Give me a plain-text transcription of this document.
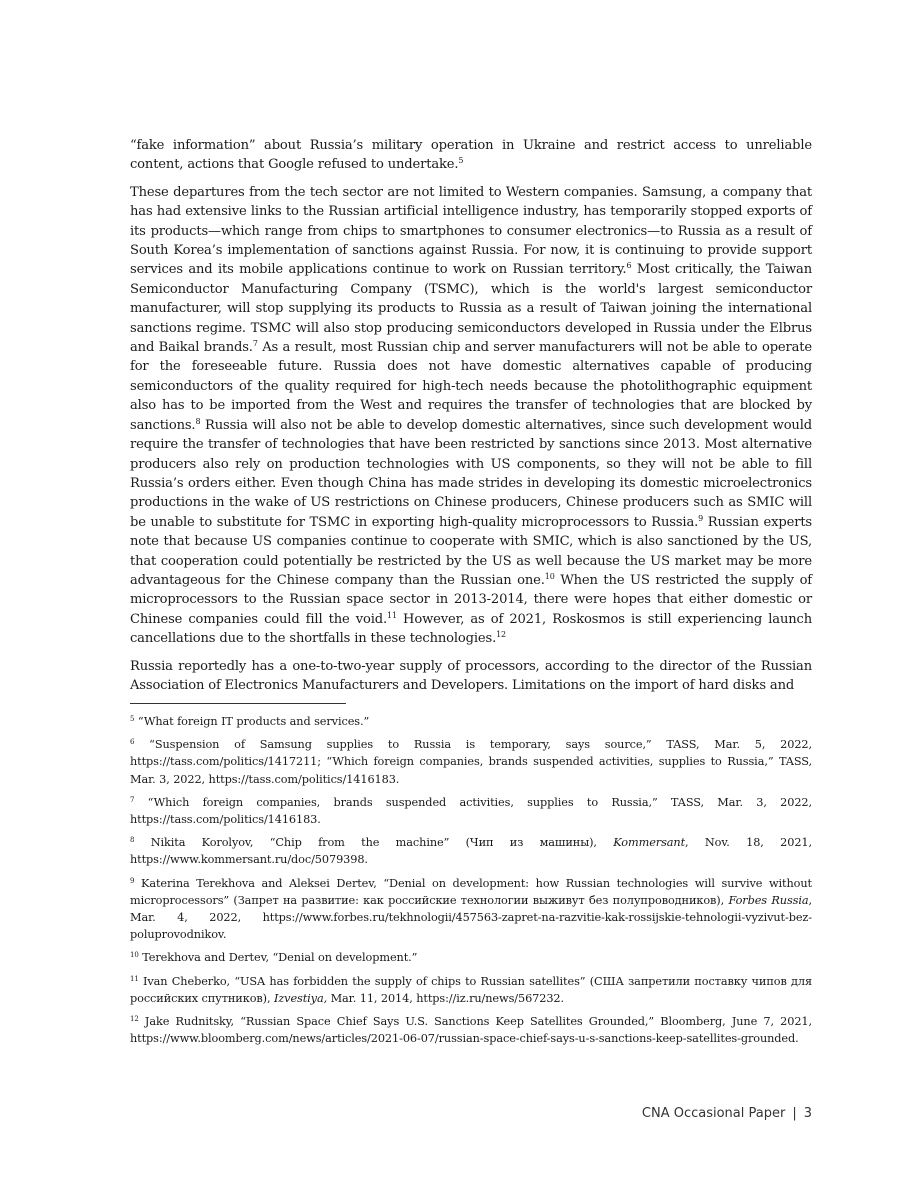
“fake information” about Russia’s military operation in Ukraine and restrict access to unreliable content, actions that Google refused to undertake.$^5$

These departures from the tech sector are not limited to Western companies. Samsung, a company that has had extensive links to the Russian artificial intelligence industry, has temporarily stopped exports of its products—which range from chips to smartphones to consumer electronics—to Russia as a result of South Korea’s implementation of sanctions against Russia. For now, it is continuing to provide support services and its mobile applications continue to work on Russian territory.$^6$ Most critically, the Taiwan Semiconductor Manufacturing Company (TSMC), which is the world's largest semiconductor manufacturer, will stop supplying its products to Russia as a result of Taiwan joining the international sanctions regime. TSMC will also stop producing semiconductors developed in Russia under the Elbrus and Baikal brands.$^7$ As a result, most Russian chip and server manufacturers will not be able to operate for the foreseeable future. Russia does not have domestic alternatives capable of producing semiconductors of the quality required for high-tech needs because the photolithographic equipment also has to be imported from the West and requires the transfer of technologies that are blocked by sanctions.$^8$ Russia will also not be able to develop domestic alternatives, since such development would require the transfer of technologies that have been restricted by sanctions since 2013. Most alternative producers also rely on production technologies with US components, so they will not be able to fill Russia’s orders either. Even though China has made strides in developing its domestic microelectronics productions in the wake of US restrictions on Chinese producers, Chinese producers such as SMIC will be unable to substitute for TSMC in exporting high-quality microprocessors to Russia.$^9$ Russian experts note that because US companies continue to cooperate with SMIC, which is also sanctioned by the US, that cooperation could potentially be restricted by the US as well because the US market may be more advantageous for the Chinese company than the Russian one.$^{10}$ When the US restricted the supply of microprocessors to the Russian space sector in 2013-2014, there were hopes that either domestic or Chinese companies could fill the void.$^{11}$ However, as of 2021, Roskosmos is still experiencing launch cancellations due to the shortfalls in these technologies.$^{12}$

Russia reportedly has a one-to-two-year supply of processors, according to the director of the Russian Association of Electronics Manufacturers and Developers. Limitations on the import of hard disks and

$^5$ “What foreign IT products and services.”
$^6$ “Suspension of Samsung supplies to Russia is temporary, says source,” TASS, Mar. 5, 2022, https://tass.com/politics/1417211; “Which foreign companies, brands suspended activities, supplies to Russia,” TASS, Mar. 3, 2022, https://tass.com/politics/1416183.
$^7$ “Which foreign companies, brands suspended activities, supplies to Russia,” TASS, Mar. 3, 2022, https://tass.com/politics/1416183.
$^8$ Nikita Korolyov, “Chip from the machine” (Чип из машины), Kommersant, Nov. 18, 2021, https://www.kommersant.ru/doc/5079398.
$^9$ Katerina Terekhova and Aleksei Dertev, “Denial on development: how Russian technologies will survive without microprocessors” (Запрет на развитие: как российские технологии выживут без полупроводников), Forbes Russia, Mar. 4, 2022, https://www.forbes.ru/tekhnologii/457563-zapret-na-razvitie-kak-rossijskie-tehnologii-vyzivut-bez-poluprovodnikov.
$^{10}$ Terekhova and Dertev, “Denial on development.”
$^{11}$ Ivan Cheberko, “USA has forbidden the supply of chips to Russian satellites” (США запретили поставку чипов для российских спутников), Izvestiya, Mar. 11, 2014, https://iz.ru/news/567232.
$^{12}$ Jake Rudnitsky, “Russian Space Chief Says U.S. Sanctions Keep Satellites Grounded,” Bloomberg, June 7, 2021, https://www.bloomberg.com/news/articles/2021-06-07/russian-space-chief-says-u-s-sanctions-keep-satellites-grounded.
CNA Occasional Paper | 3
